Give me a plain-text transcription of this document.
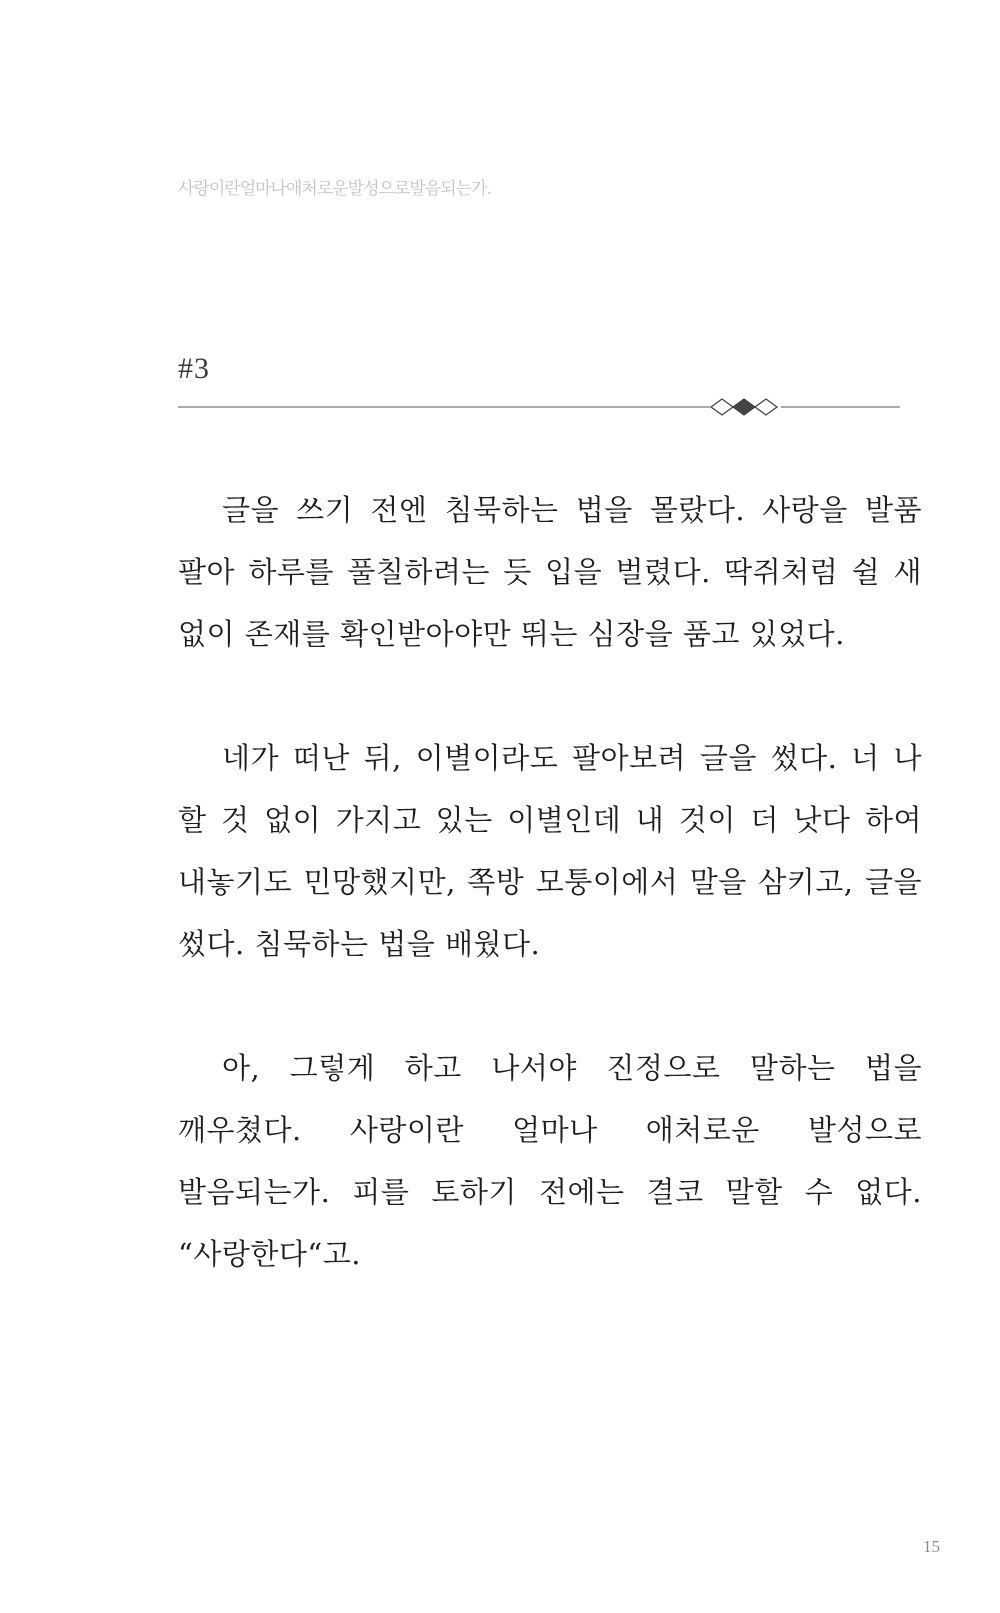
사랑이란얼마나애처로운발성으로발음되는가.
#3

글을 쓰기 전엔 침묵하는 법을 몰랐다. 사랑을 발품 팔아 하루를 풀칠하려는 듯 입을 벌렸다. 딱쥐처럼 쉴 새 없이 존재를 확인받아야만 뛰는 심장을 품고 있었다.

네가 떠난 뒤, 이별이라도 팔아보려 글을 썼다. 너 나 할 것 없이 가지고 있는 이별인데 내 것이 더 낫다 하여 내놓기도 민망했지만, 쪽방 모퉁이에서 말을 삼키고, 글을 썼다. 침묵하는 법을 배웠다.

아, 그렇게 하고 나서야 진정으로 말하는 법을 깨우쳤다. 사랑이란 얼마나 애처로운 발성으로 발음되는가. 피를 토하기 전에는 결코 말할 수 없다. “사랑한다“고.

15
